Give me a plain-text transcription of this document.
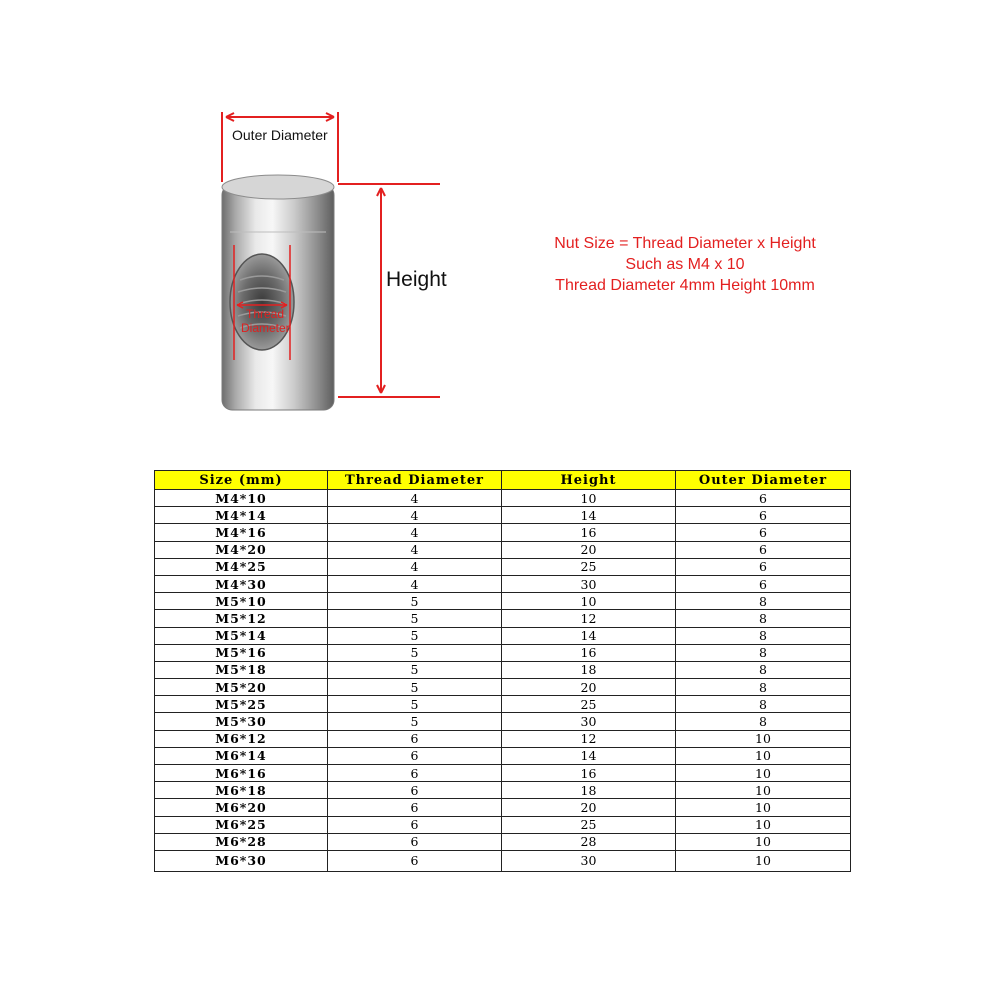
Outer Diameter
Height
Thread Diameter
Nut Size = Thread Diameter x Height
Such as M4 x 10
Thread Diameter 4mm Height 10mm
Size (mm)	Thread Diameter	Height	Outer Diameter
M4*10	4	10	6
M4*14	4	14	6
M4*16	4	16	6
M4*20	4	20	6
M4*25	4	25	6
M4*30	4	30	6
M5*10	5	10	8
M5*12	5	12	8
M5*14	5	14	8
M5*16	5	16	8
M5*18	5	18	8
M5*20	5	20	8
M5*25	5	25	8
M5*30	5	30	8
M6*12	6	12	10
M6*14	6	14	10
M6*16	6	16	10
M6*18	6	18	10
M6*20	6	20	10
M6*25	6	25	10
M6*28	6	28	10
M6*30	6	30	10
